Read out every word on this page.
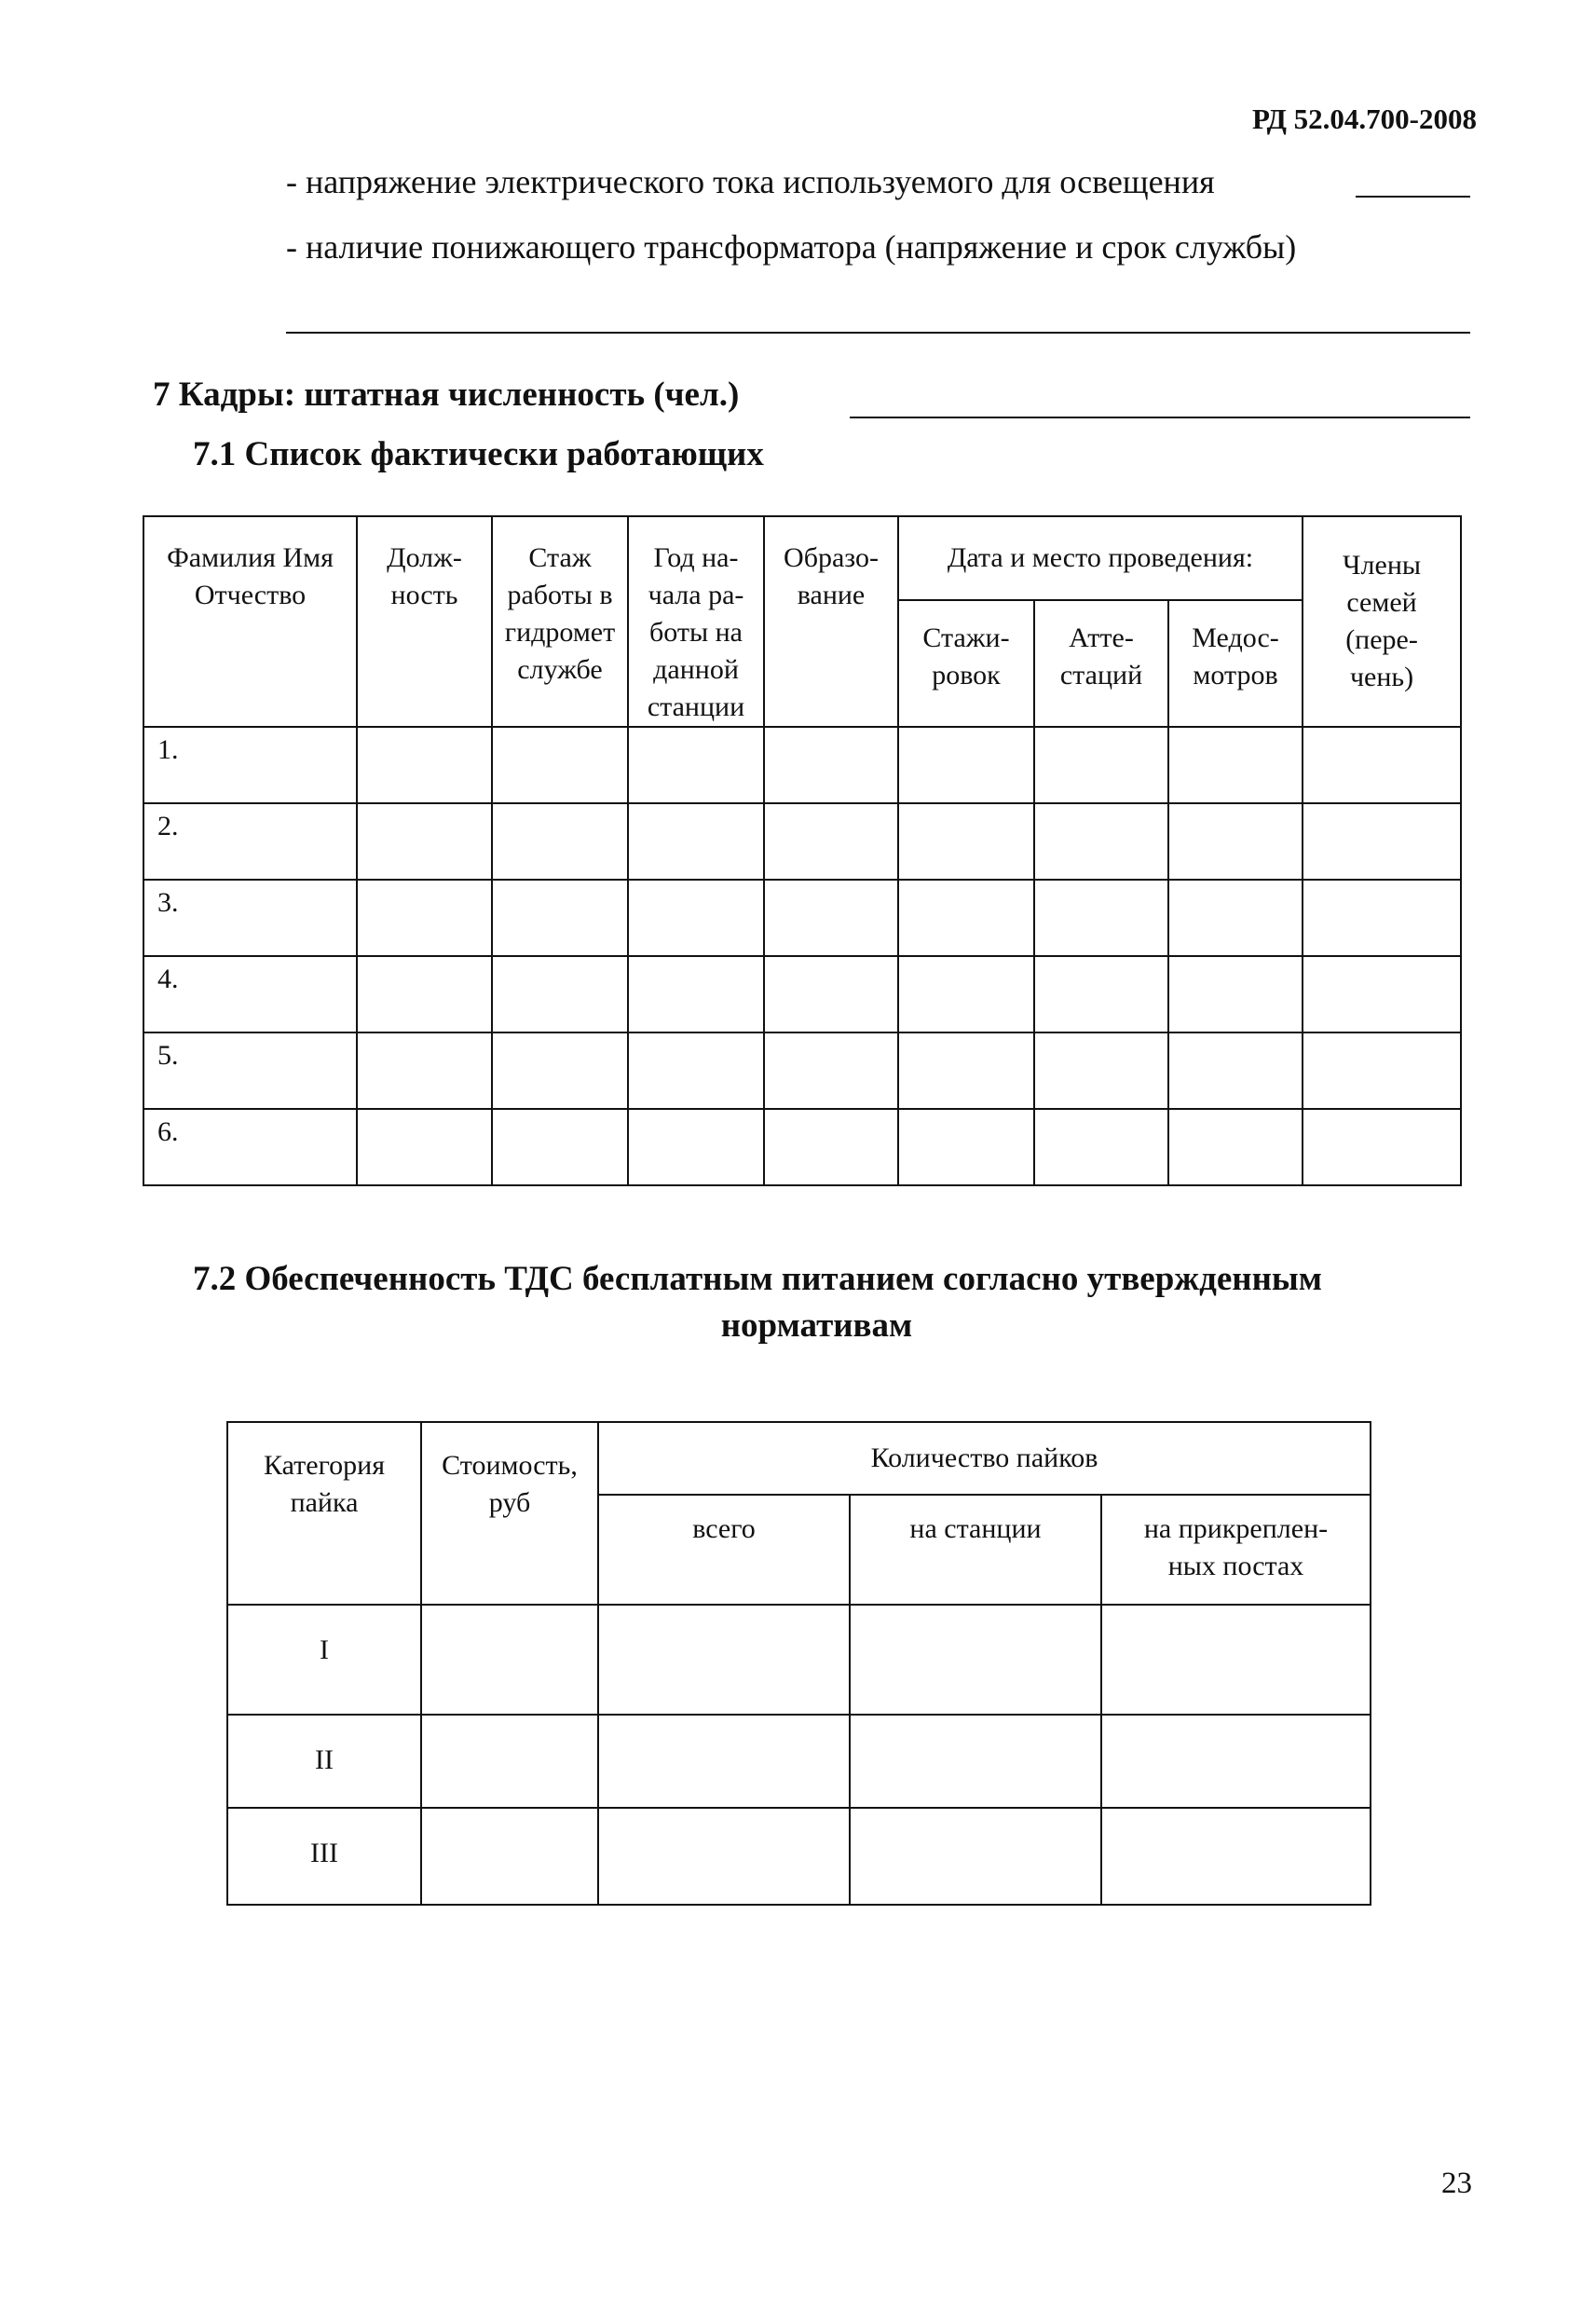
РД 52.04.700-2008
- напряжение электрического тока используемого для освещения
- наличие понижающего трансформатора (напряжение и срок службы)
7 Кадры: штатная численность (чел.)
7.1 Список фактически работающих
Фамилия Имя Отчество	Долж-ность	Стаж работы в гидромет службе	Год на-чала ра-боты на данной станции	Образо-вание	Дата и место проведения:			Члены семей (пере-чень)
					Стажи-ровок	Атте-стаций	Медос-мотров	
1.								
2.								
3.								
4.								
5.								
6.								
7.2 Обеспеченность ТДС бесплатным питанием согласно утвержденным
нормативам
Категория пайка	Стоимость, руб	Количество пайков		
		всего	на станции	на прикреплен-ных постах
I				
II				
III				
23
